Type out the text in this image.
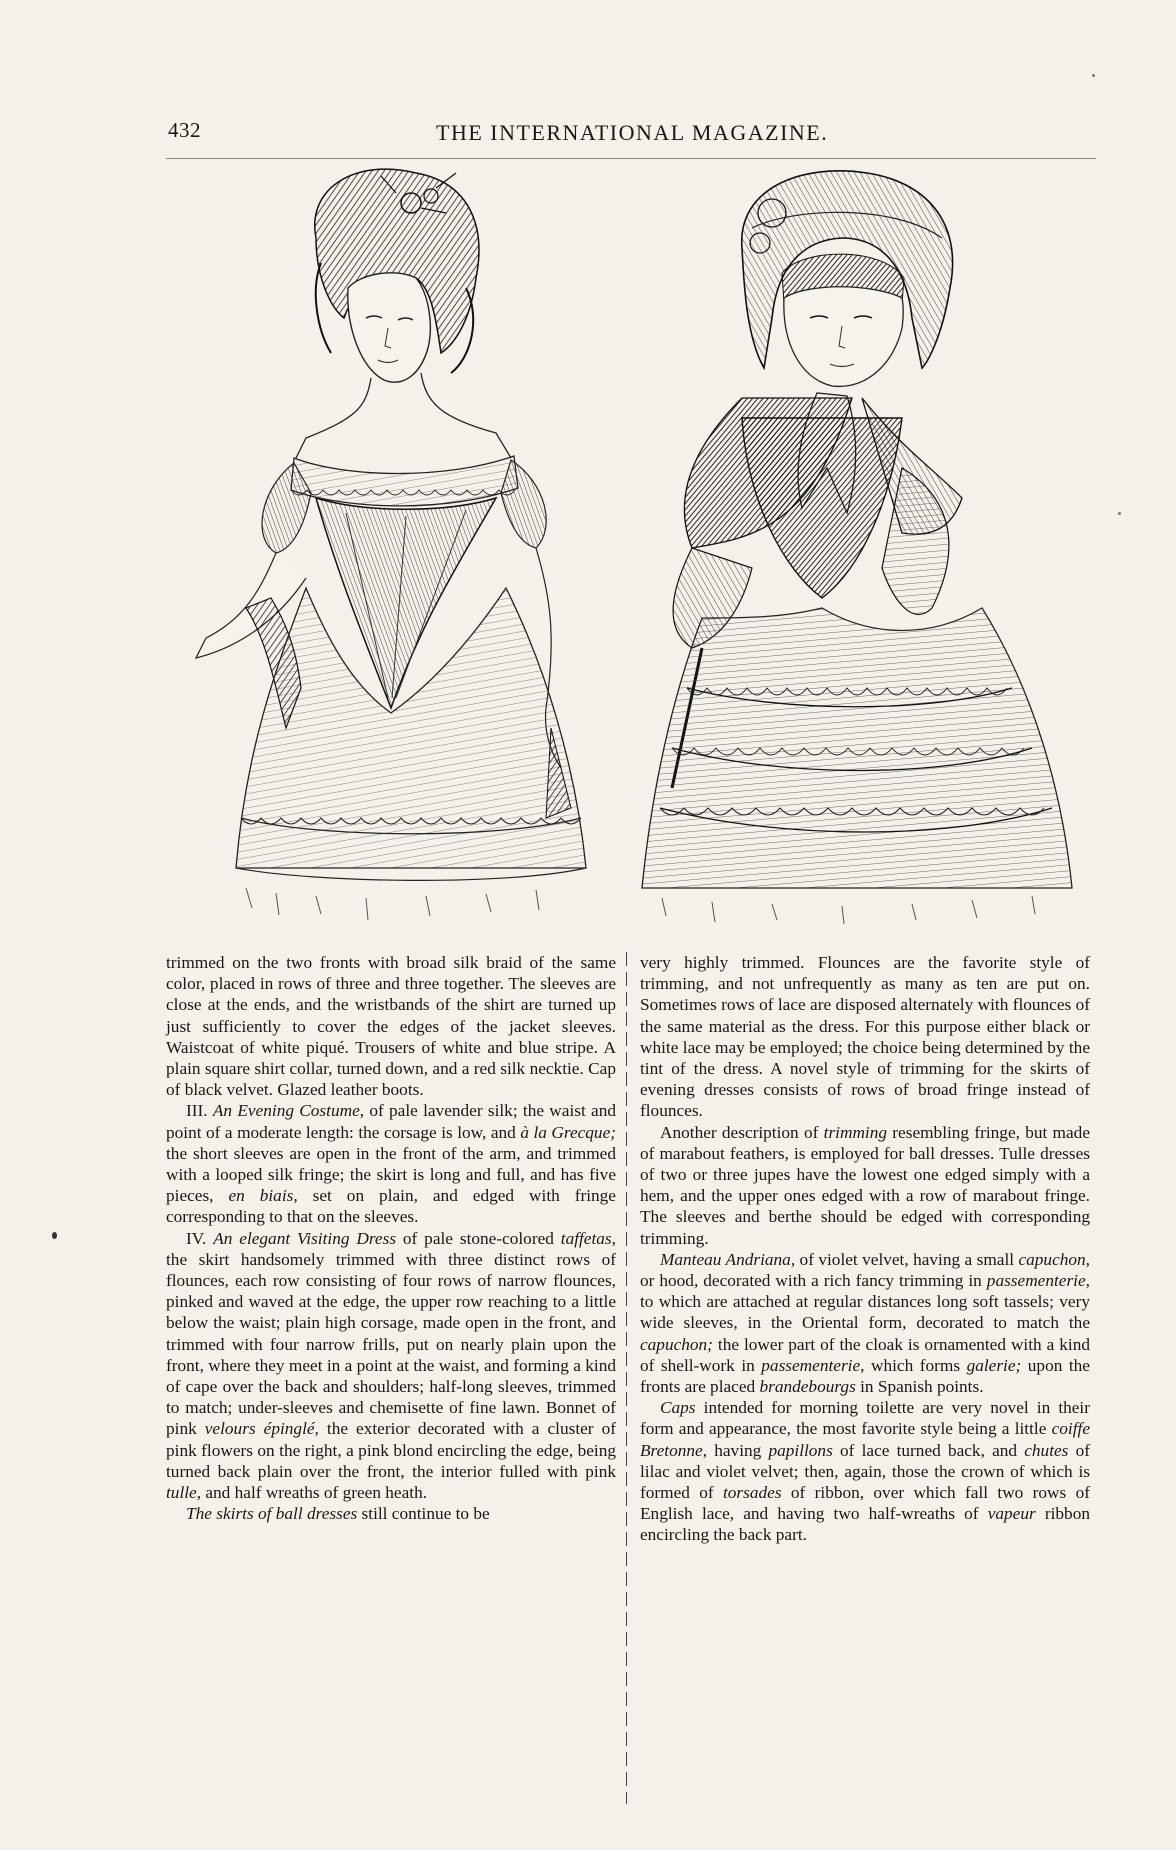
432	THE INTERNATIONAL MAGAZINE.

trimmed on the two fronts with broad silk braid of the same color, placed in rows of three and three together. The sleeves are close at the ends, and the wristbands of the shirt are turned up just sufficiently to cover the edges of the jacket sleeves. Waistcoat of white piqué. Trousers of white and blue stripe. A plain square shirt collar, turned down, and a red silk necktie. Cap of black velvet. Glazed leather boots.

III. An Evening Costume, of pale lavender silk; the waist and point of a moderate length: the corsage is low, and à la Grecque; the short sleeves are open in the front of the arm, and trimmed with a looped silk fringe; the skirt is long and full, and has five pieces, en biais, set on plain, and edged with fringe corresponding to that on the sleeves.

IV. An elegant Visiting Dress of pale stone-colored taffetas, the skirt handsomely trimmed with three distinct rows of flounces, each row consisting of four rows of narrow flounces, pinked and waved at the edge, the upper row reaching to a little below the waist; plain high corsage, made open in the front, and trimmed with four narrow frills, put on nearly plain upon the front, where they meet in a point at the waist, and forming a kind of cape over the back and shoulders; half-long sleeves, trimmed to match; under-sleeves and chemisette of fine lawn. Bonnet of pink velours épinglé, the exterior decorated with a cluster of pink flowers on the right, a pink blond encircling the edge, being turned back plain over the front, the interior fulled with pink tulle, and half wreaths of green heath.

The skirts of ball dresses still continue to be

very highly trimmed. Flounces are the favorite style of trimming, and not unfrequently as many as ten are put on. Sometimes rows of lace are disposed alternately with flounces of the same material as the dress. For this purpose either black or white lace may be employed; the choice being determined by the tint of the dress. A novel style of trimming for the skirts of evening dresses consists of rows of broad fringe instead of flounces.

Another description of trimming resembling fringe, but made of marabout feathers, is employed for ball dresses. Tulle dresses of two or three jupes have the lowest one edged simply with a hem, and the upper ones edged with a row of marabout fringe. The sleeves and berthe should be edged with corresponding trimming.

Manteau Andriana, of violet velvet, having a small capuchon, or hood, decorated with a rich fancy trimming in passementerie, to which are attached at regular distances long soft tassels; very wide sleeves, in the Oriental form, decorated to match the capuchon; the lower part of the cloak is ornamented with a kind of shell-work in passementerie, which forms galerie; upon the fronts are placed brandebourgs in Spanish points.

Caps intended for morning toilette are very novel in their form and appearance, the most favorite style being a little coiffe Bretonne, having papillons of lace turned back, and chutes of lilac and violet velvet; then, again, those the crown of which is formed of torsades of ribbon, over which fall two rows of English lace, and having two half-wreaths of vapeur ribbon encircling the back part.
